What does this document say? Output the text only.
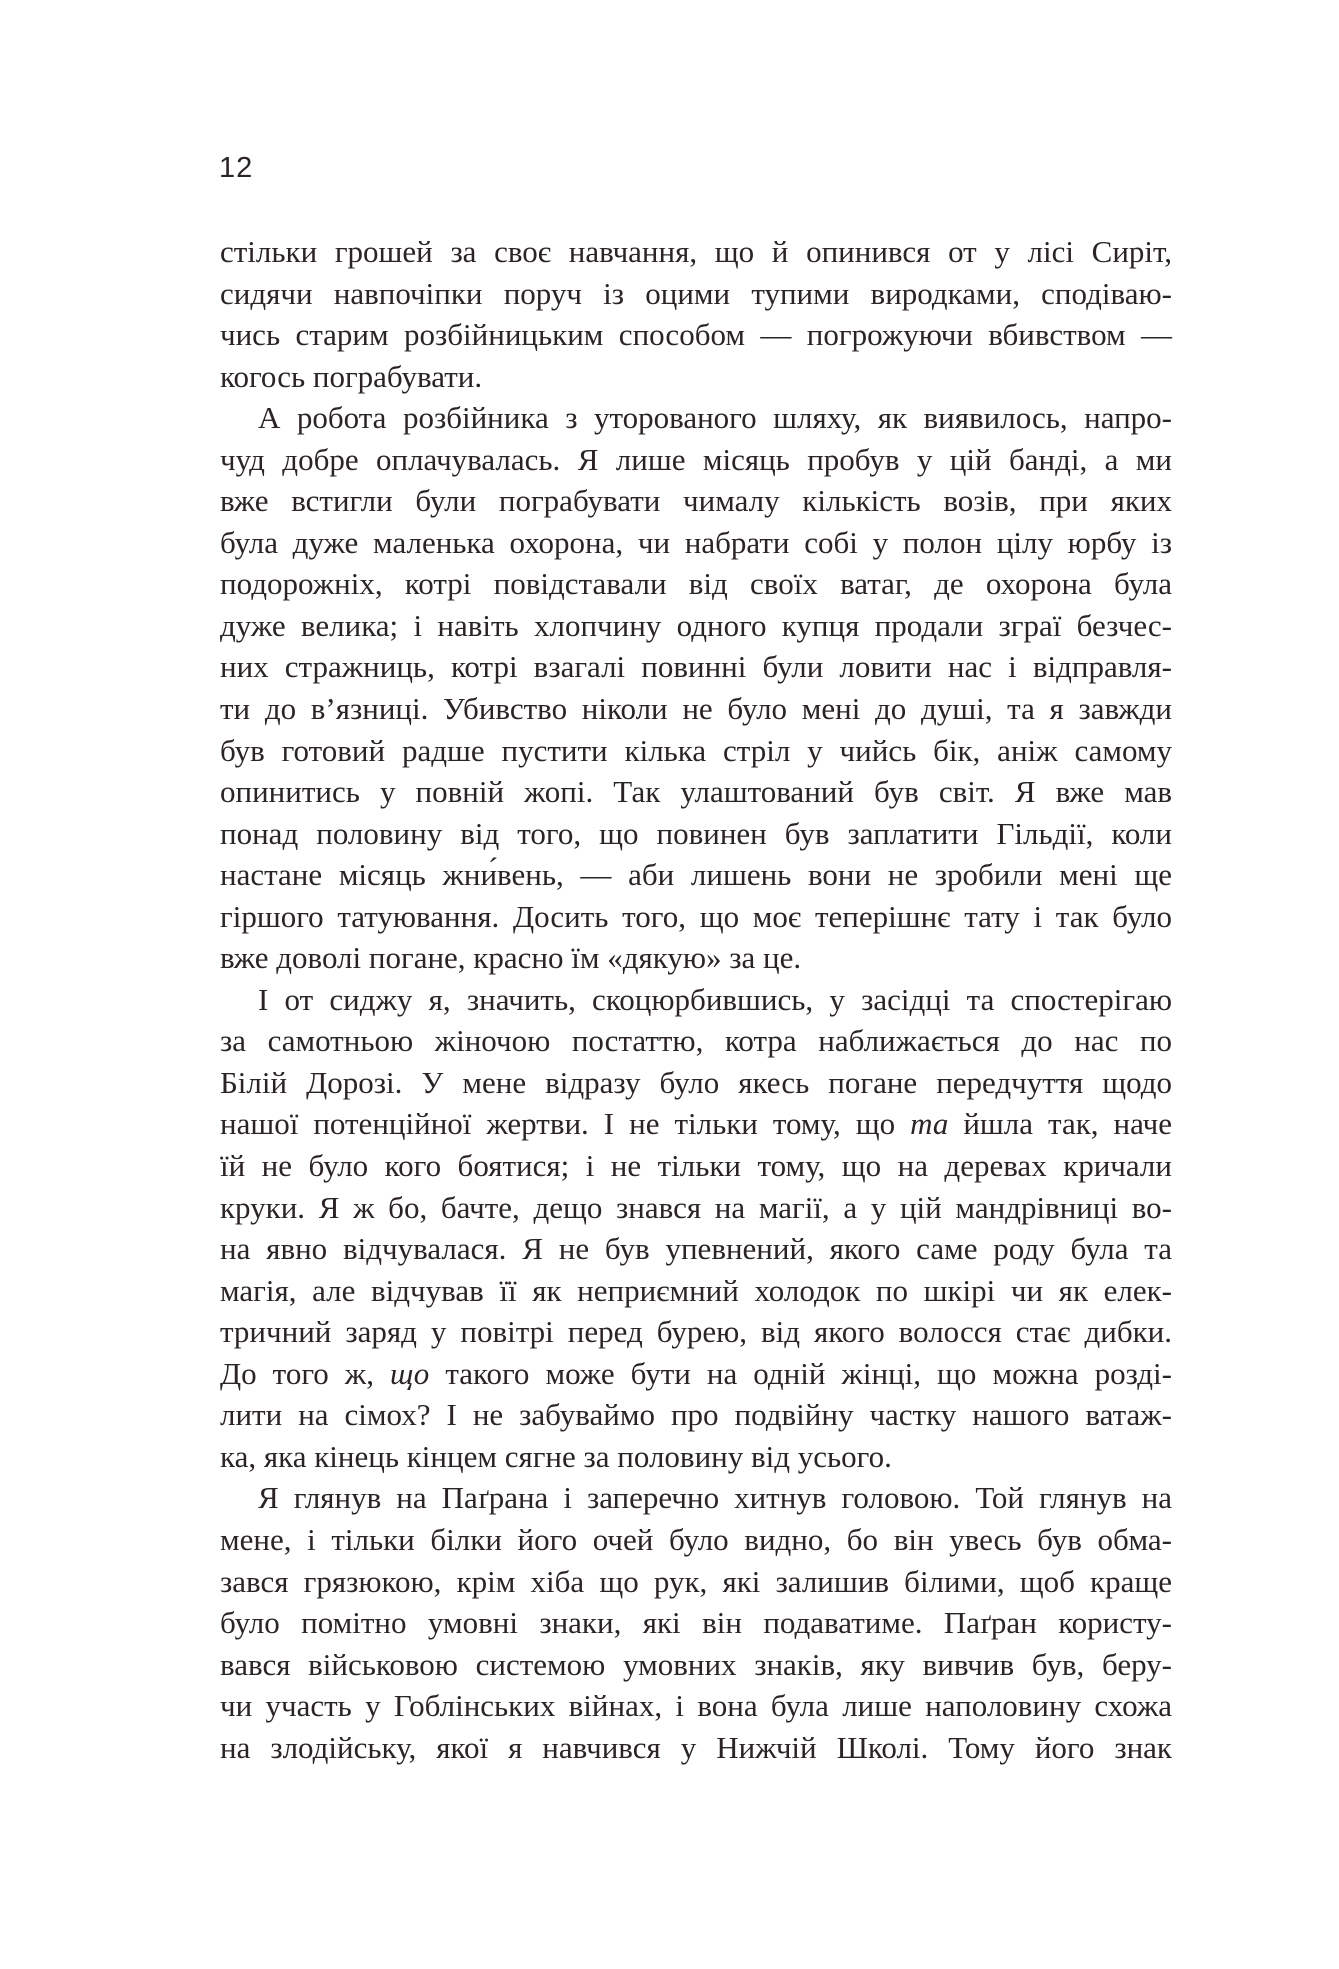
12
стільки грошей за своє навчання, що й опинився от у лісі Сиріт,
сидячи навпочіпки поруч із оцими тупими виродками, сподіваю-
чись старим розбійницьким способом — погрожуючи вбивством —
когось пограбувати.
А робота розбійника з уторованого шляху, як виявилось, напро-
чуд добре оплачувалась. Я лише місяць пробув у цій банді, а ми
вже встигли були пограбувати чималу кількість возів, при яких
була дуже маленька охорона, чи набрати собі у полон цілу юрбу із
подорожніх, котрі повідставали від своїх ватаг, де охорона була
дуже велика; і навіть хлопчину одного купця продали зграї безчес-
них стражниць, котрі взагалі повинні були ловити нас і відправля-
ти до в’язниці. Убивство ніколи не було мені до душі, та я завжди
був готовий радше пустити кілька стріл у чийсь бік, аніж самому
опинитись у повній жопі. Так улаштований був світ. Я вже мав
понад половину від того, що повинен був заплатити Гільдії, коли
настане місяць жни́вень, — аби лишень вони не зробили мені ще
гіршого татуювання. Досить того, що моє теперішнє тату і так було
вже доволі погане, красно їм «дякую» за це.
І от сиджу я, значить, скоцюрбившись, у засідці та спостерігаю
за самотньою жіночою постаттю, котра наближається до нас по
Білій Дорозі. У мене відразу було якесь погане передчуття щодо
нашої потенційної жертви. І не тільки тому, що та йшла так, наче
їй не було кого боятися; і не тільки тому, що на деревах кричали
круки. Я ж бо, бачте, дещо знався на магії, а у цій мандрівниці во-
на явно відчувалася. Я не був упевнений, якого саме роду була та
магія, але відчував її як неприємний холодок по шкірі чи як елек-
тричний заряд у повітрі перед бурею, від якого волосся стає дибки.
До того ж, що такого може бути на одній жінці, що можна розді-
лити на сімох? І не забуваймо про подвійну частку нашого ватаж-
ка, яка кінець кінцем сягне за половину від усього.
Я глянув на Паґрана і заперечно хитнув головою. Той глянув на
мене, і тільки білки його очей було видно, бо він увесь був обма-
зався грязюкою, крім хіба що рук, які залишив білими, щоб краще
було помітно умовні знаки, які він подаватиме. Паґран користу-
вався військовою системою умовних знаків, яку вивчив був, беру-
чи участь у Гоблінських війнах, і вона була лише наполовину схожа
на злодійську, якої я навчився у Нижчій Школі. Тому його знак
